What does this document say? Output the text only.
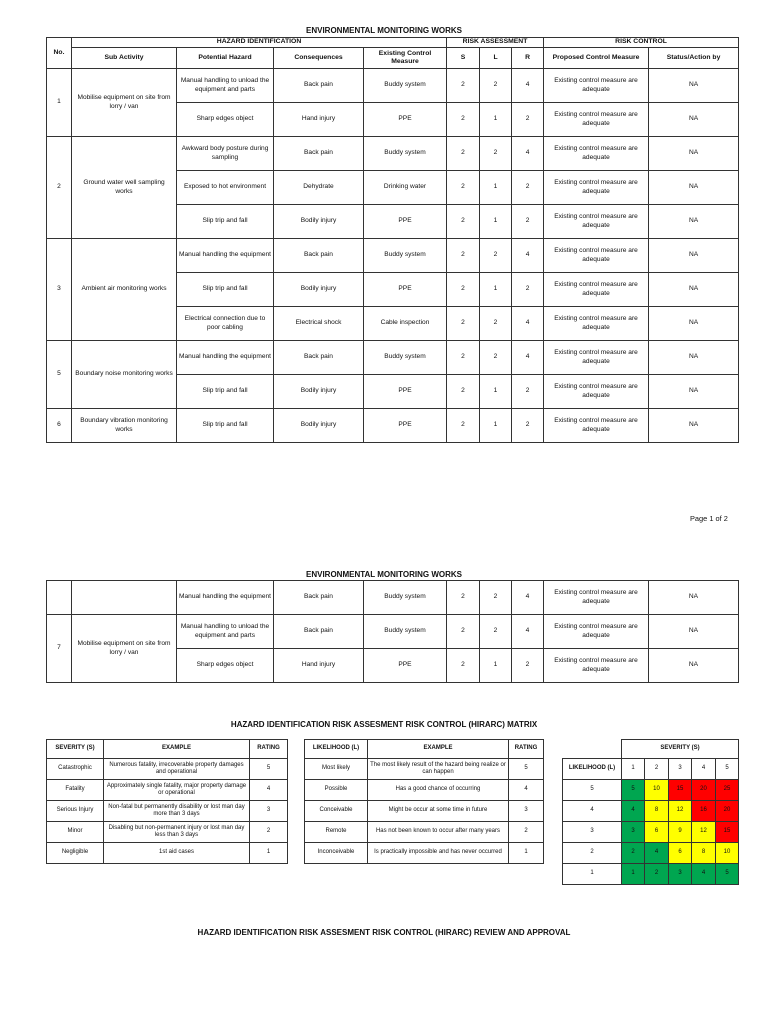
ENVIRONMENTAL MONITORING WORKS
No.	HAZARD IDENTIFICATION				RISK ASSESSMENT			RISK CONTROL	
	Sub Activity	Potential Hazard	Consequences	Existing Control Measure	S	L	R	Proposed Control Measure	Status/Action by
1	Mobilise equipment on site from lorry / van	Manual handling to unload the equipment and parts	Back pain	Buddy system	2	2	4	Existing control measure are adequate	NA
		Sharp edges object	Hand injury	PPE	2	1	2	Existing control measure are adequate	NA
2	Ground water well sampling works	Awkward body posture during sampling	Back pain	Buddy system	2	2	4	Existing control measure are adequate	NA
		Exposed to hot environment	Dehydrate	Drinking water	2	1	2	Existing control measure are adequate	NA
		Slip trip and fall	Bodily injury	PPE	2	1	2	Existing control measure are adequate	NA
3	Ambient air monitoring works	Manual handling the equipment	Back pain	Buddy system	2	2	4	Existing control measure are adequate	NA
		Slip trip and fall	Bodily injury	PPE	2	1	2	Existing control measure are adequate	NA
		Electrical connection due to poor cabling	Electrical shock	Cable inspection	2	2	4	Existing control measure are adequate	NA
5	Boundary noise monitoring works	Manual handling the equipment	Back pain	Buddy system	2	2	4	Existing control measure are adequate	NA
		Slip trip and fall	Bodily injury	PPE	2	1	2	Existing control measure are adequate	NA
6	Boundary vibration monitoring works	Slip trip and fall	Bodily injury	PPE	2	1	2	Existing control measure are adequate	NA
Page 1 of 2
ENVIRONMENTAL MONITORING WORKS
		Manual handling the equipment	Back pain	Buddy system	2	2	4	Existing control measure are adequate	NA
7	Mobilise equipment on site from lorry / van	Manual handling to unload the equipment and parts	Back pain	Buddy system	2	2	4	Existing control measure are adequate	NA
		Sharp edges object	Hand injury	PPE	2	1	2	Existing control measure are adequate	NA
HAZARD IDENTIFICATION RISK ASSESMENT RISK CONTROL (HIRARC) MATRIX
SEVERITY (S)	EXAMPLE	RATING
Catastrophic	Numerous fatality, irrecoverable property damages and operational	5
Fatality	Approximately single fatality, major property damage or operational	4
Serious Injury	Non-fatal but permanently disability or lost man day more than 3 days	3
Minor	Disabling but non-permanent injury or lost man day less than 3 days	2
Negligible	1st aid cases	1
LIKELIHOOD (L)	EXAMPLE	RATING
Most likely	The most likely result of the hazard being realize or can happen	5
Possible	Has a good chance of occurring	4
Conceivable	Might be occur at some time in future	3
Remote	Has not been known to occur after many years	2
Inconceivable	Is practically impossible and has never occurred	1
	SEVERITY (S)				
LIKELIHOOD (L)	1	2	3	4	5
5	5	10	15	20	25
4	4	8	12	16	20
3	3	6	9	12	15
2	2	4	6	8	10
1	1	2	3	4	5
HAZARD IDENTIFICATION RISK ASSESMENT RISK CONTROL (HIRARC) REVIEW AND APPROVAL
